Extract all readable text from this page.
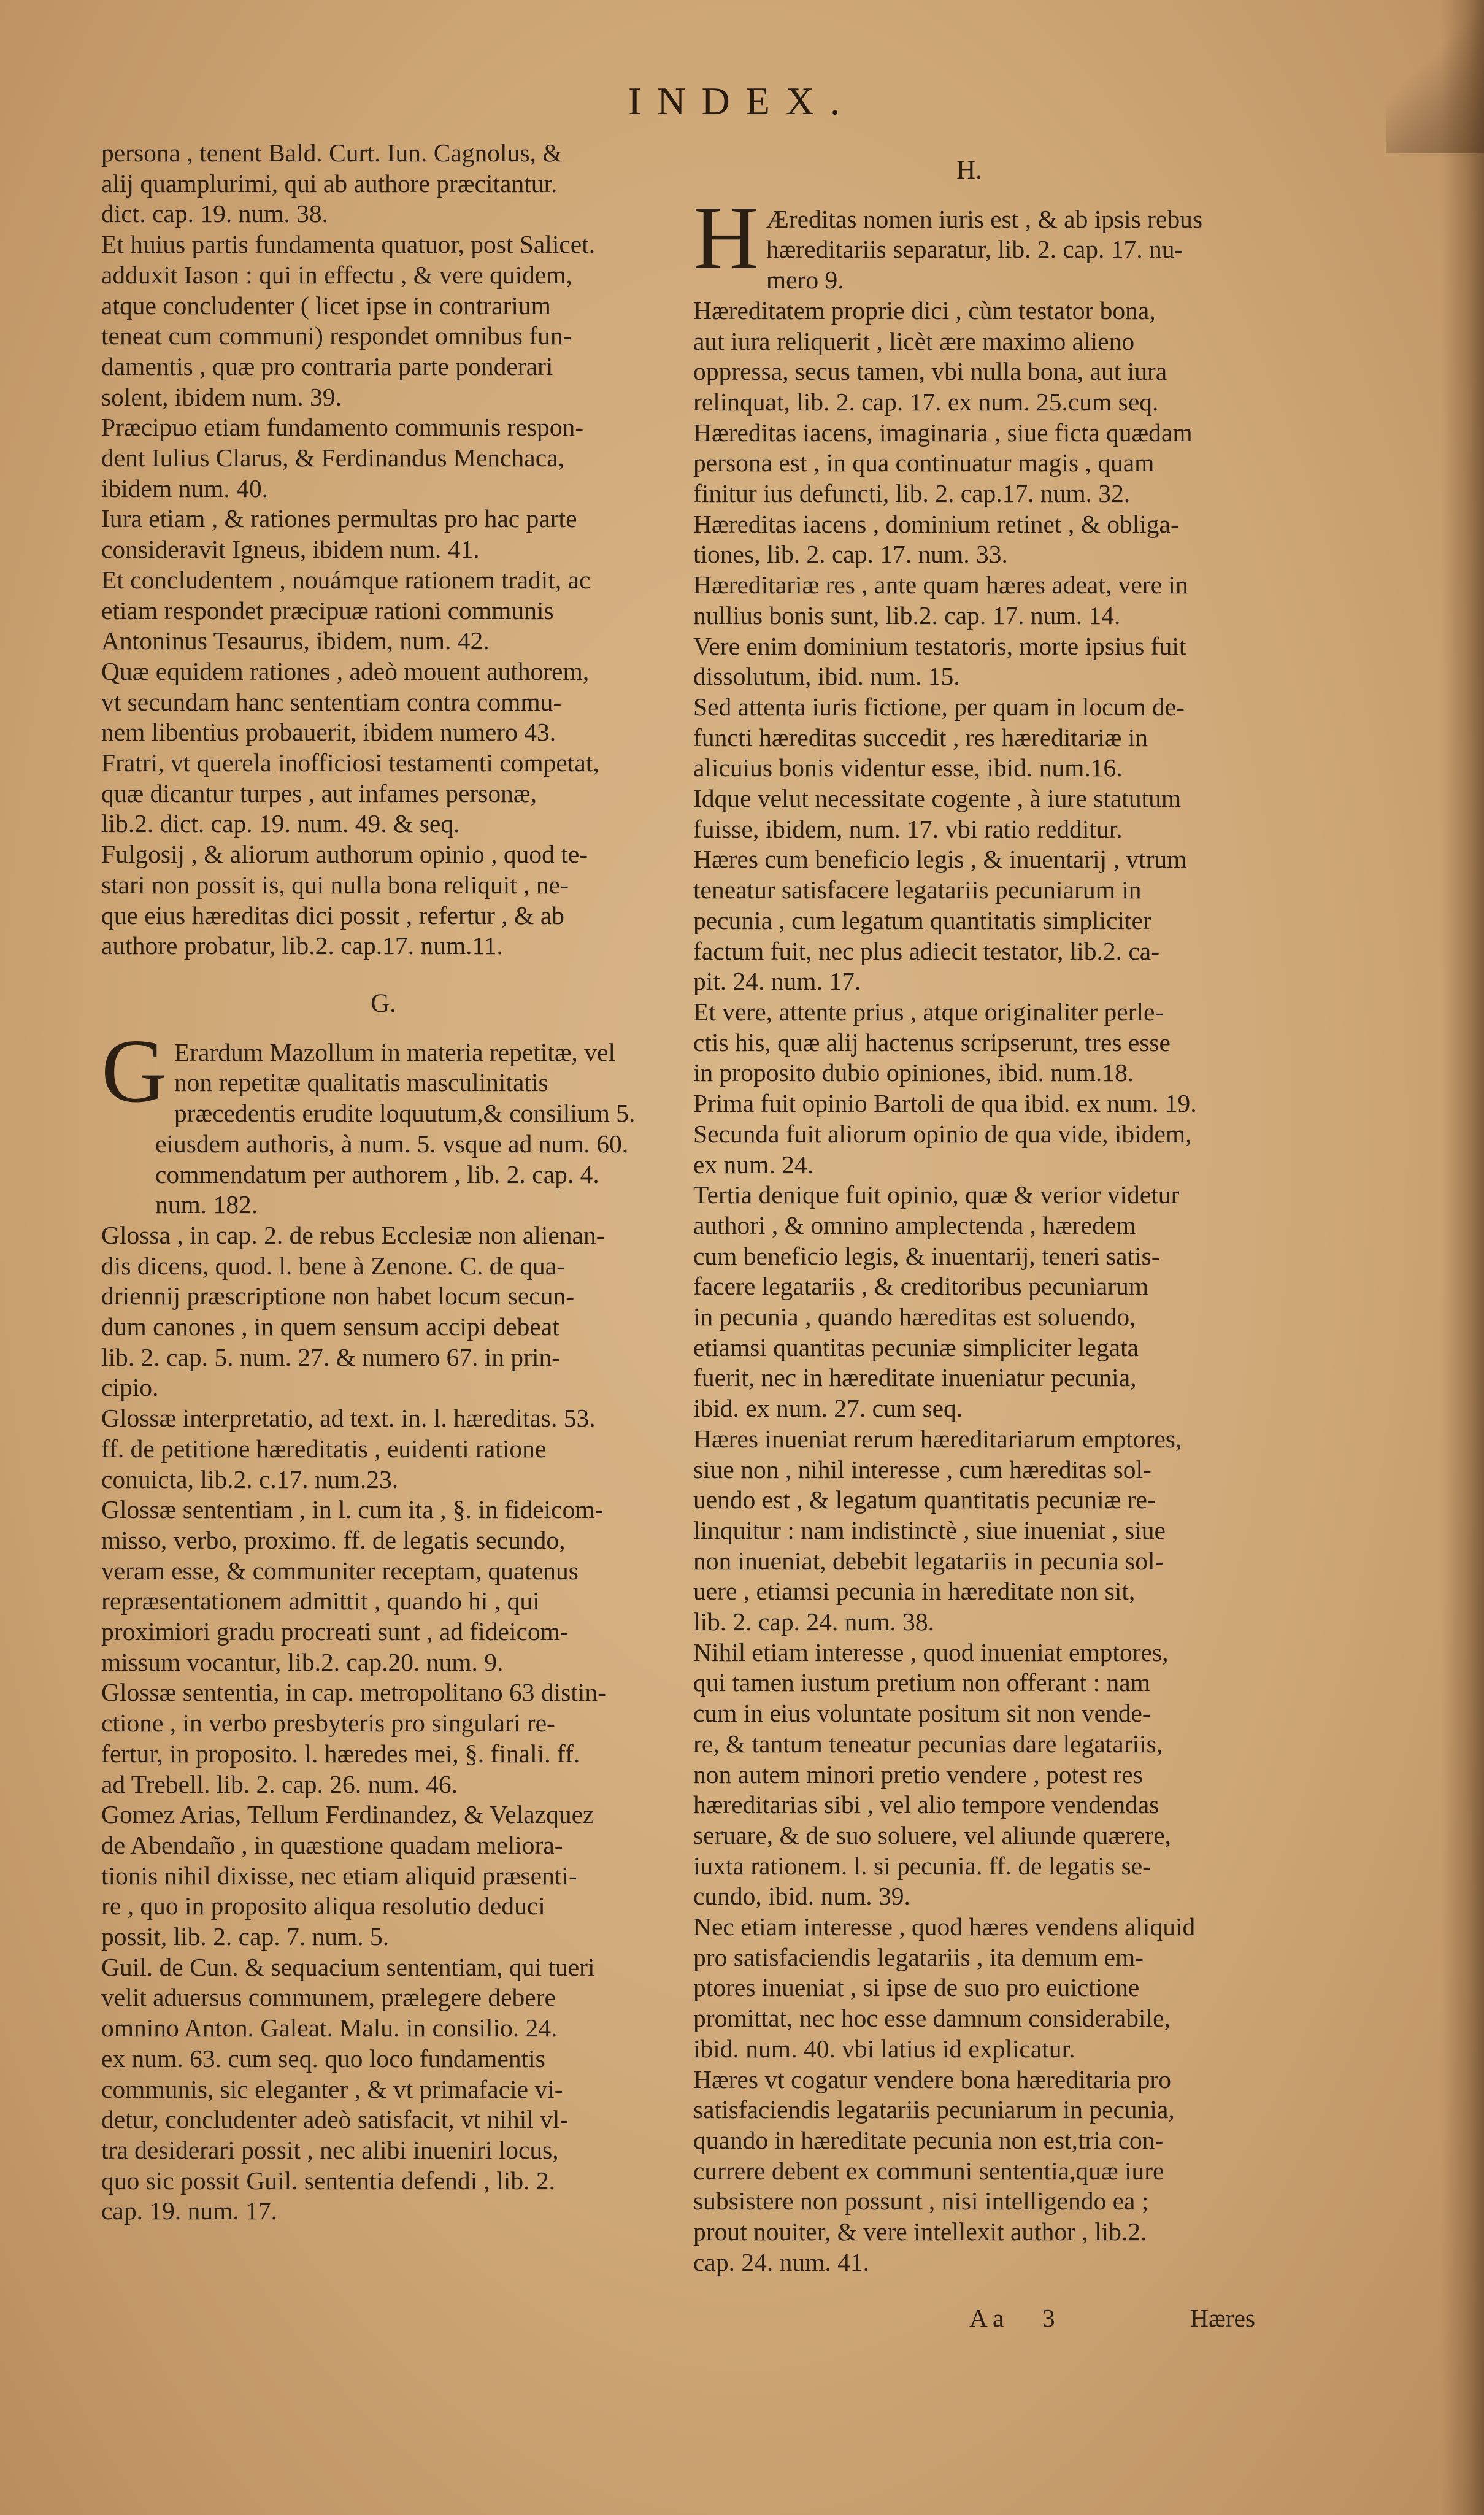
INDEX.

persona , tenent Bald. Curt. Iun. Cagnolus, &
alij quamplurimi, qui ab authore præcitantur.
dict. cap. 19. num. 38.

Et huius partis fundamenta quatuor, post Salicet.
adduxit Iason : qui in effectu , & vere quidem,
atque concludenter ( licet ipse in contrarium
teneat cum communi) respondet omnibus fun-
damentis , quæ pro contraria parte ponderari
solent, ibidem num. 39.

Præcipuo etiam fundamento communis respon-
dent Iulius Clarus, & Ferdinandus Menchaca,
ibidem num. 40.

Iura etiam , & rationes permultas pro hac parte
consideravit Igneus, ibidem num. 41.

Et concludentem , nouámque rationem tradit, ac
etiam respondet præcipuæ rationi communis
Antoninus Tesaurus, ibidem, num. 42.

Quæ equidem rationes , adeò mouent authorem,
vt secundam hanc sententiam contra commu-
nem libentius probauerit, ibidem numero 43.

Fratri, vt querela inofficiosi testamenti competat,
quæ dicantur turpes , aut infames personæ,
lib.2. dict. cap. 19. num. 49. & seq.

Fulgosij , & aliorum authorum opinio , quod te-
stari non possit is, qui nulla bona reliquit , ne-
que eius hæreditas dici possit , refertur , & ab
authore probatur, lib.2. cap.17. num.11.

G.

G Erardum Mazollum in materia repetitæ, vel
non repetitæ qualitatis masculinitatis
præcedentis erudite loquutum,& consilium 5.
eiusdem authoris, à num. 5. vsque ad num. 60.
commendatum per authorem , lib. 2. cap. 4.
num. 182.

Glossa , in cap. 2. de rebus Ecclesiæ non alienan-
dis dicens, quod. l. bene à Zenone. C. de qua-
driennij præscriptione non habet locum secun-
dum canones , in quem sensum accipi debeat
lib. 2. cap. 5. num. 27. & numero 67. in prin-
cipio.

Glossæ interpretatio, ad text. in. l. hæreditas. 53.
ff. de petitione hæreditatis , euidenti ratione
conuicta, lib.2. c.17. num.23.

Glossæ sententiam , in l. cum ita , §. in fideicom-
misso, verbo, proximo. ff. de legatis secundo,
veram esse, & communiter receptam, quatenus
repræsentationem admittit , quando hi , qui
proximiori gradu procreati sunt , ad fideicom-
missum vocantur, lib.2. cap.20. num. 9.

Glossæ sententia, in cap. metropolitano 63 distin-
ctione , in verbo presbyteris pro singulari re-
fertur, in proposito. l. hæredes mei, §. finali. ff.
ad Trebell. lib. 2. cap. 26. num. 46.

Gomez Arias, Tellum Ferdinandez, & Velazquez
de Abendaño , in quæstione quadam meliora-
tionis nihil dixisse, nec etiam aliquid præsenti-
re , quo in proposito aliqua resolutio deduci
possit, lib. 2. cap. 7. num. 5.

Guil. de Cun. & sequacium sententiam, qui tueri
velit aduersus communem, prælegere debere
omnino Anton. Galeat. Malu. in consilio. 24.
ex num. 63. cum seq. quo loco fundamentis
communis, sic eleganter , & vt primafacie vi-
detur, concludenter adeò satisfacit, vt nihil vl-
tra desiderari possit , nec alibi inueniri locus,
quo sic possit Guil. sententia defendi , lib. 2.
cap. 19. num. 17.

H.

H Æreditas nomen iuris est , & ab ipsis rebus
hæreditariis separatur, lib. 2. cap. 17. nu-
mero 9.

Hæreditatem proprie dici , cùm testator bona,
aut iura reliquerit , licèt ære maximo alieno
oppressa, secus tamen, vbi nulla bona, aut iura
relinquat, lib. 2. cap. 17. ex num. 25.cum seq.

Hæreditas iacens, imaginaria , siue ficta quædam
persona est , in qua continuatur magis , quam
finitur ius defuncti, lib. 2. cap.17. num. 32.

Hæreditas iacens , dominium retinet , & obliga-
tiones, lib. 2. cap. 17. num. 33.

Hæreditariæ res , ante quam hæres adeat, vere in
nullius bonis sunt, lib.2. cap. 17. num. 14.

Vere enim dominium testatoris, morte ipsius fuit
dissolutum, ibid. num. 15.

Sed attenta iuris fictione, per quam in locum de-
functi hæreditas succedit , res hæreditariæ in
alicuius bonis videntur esse, ibid. num.16.

Idque velut necessitate cogente , à iure statutum
fuisse, ibidem, num. 17. vbi ratio redditur.

Hæres cum beneficio legis , & inuentarij , vtrum
teneatur satisfacere legatariis pecuniarum in
pecunia , cum legatum quantitatis simpliciter
factum fuit, nec plus adiecit testator, lib.2. ca-
pit. 24. num. 17.

Et vere, attente prius , atque originaliter perle-
ctis his, quæ alij hactenus scripserunt, tres esse
in proposito dubio opiniones, ibid. num.18.

Prima fuit opinio Bartoli de qua ibid. ex num. 19.

Secunda fuit aliorum opinio de qua vide, ibidem,
ex num. 24.

Tertia denique fuit opinio, quæ & verior videtur
authori , & omnino amplectenda , hæredem
cum beneficio legis, & inuentarij, teneri satis-
facere legatariis , & creditoribus pecuniarum
in pecunia , quando hæreditas est soluendo,
etiamsi quantitas pecuniæ simpliciter legata
fuerit, nec in hæreditate inueniatur pecunia,
ibid. ex num. 27. cum seq.

Hæres inueniat rerum hæreditariarum emptores,
siue non , nihil interesse , cum hæreditas sol-
uendo est , & legatum quantitatis pecuniæ re-
linquitur : nam indistinctè , siue inueniat , siue
non inueniat, debebit legatariis in pecunia sol-
uere , etiamsi pecunia in hæreditate non sit,
lib. 2. cap. 24. num. 38.

Nihil etiam interesse , quod inueniat emptores,
qui tamen iustum pretium non offerant : nam
cum in eius voluntate positum sit non vende-
re, & tantum teneatur pecunias dare legatariis,
non autem minori pretio vendere , potest res
hæreditarias sibi , vel alio tempore vendendas
seruare, & de suo soluere, vel aliunde quærere,
iuxta rationem. l. si pecunia. ff. de legatis se-
cundo, ibid. num. 39.

Nec etiam interesse , quod hæres vendens aliquid
pro satisfaciendis legatariis , ita demum em-
ptores inueniat , si ipse de suo pro euictione
promittat, nec hoc esse damnum considerabile,
ibid. num. 40. vbi latius id explicatur.

Hæres vt cogatur vendere bona hæreditaria pro
satisfaciendis legatariis pecuniarum in pecunia,
quando in hæreditate pecunia non est,tria con-
currere debent ex communi sententia,quæ iure
subsistere non possunt , nisi intelligendo ea ;
prout nouiter, & vere intellexit author , lib.2.
cap. 24. num. 41.

A a 3	Hæres
